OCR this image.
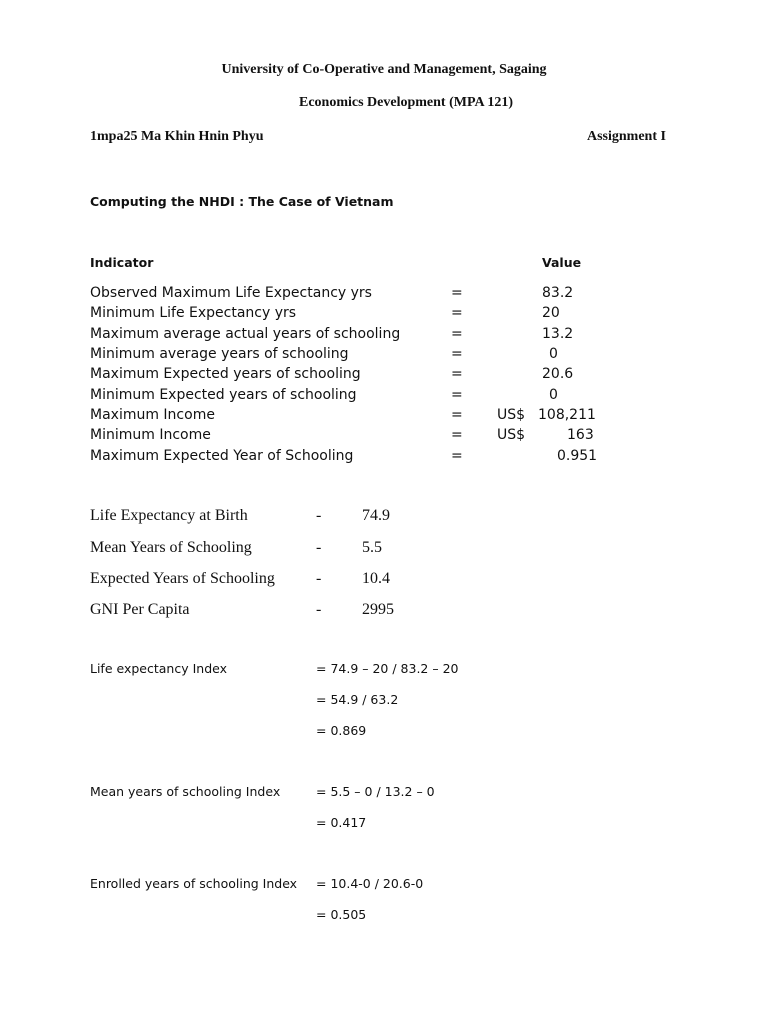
University of Co-Operative and Management, Sagaing
Economics Development (MPA 121)
1mpa25 Ma Khin Hnin Phyu	Assignment I
Computing the NHDI : The Case of Vietnam
Indicator	Value
Observed Maximum Life Expectancy yrs	=	83.2
Minimum Life Expectancy yrs	=	20
Maximum average actual years of schooling	=	13.2
Minimum average years of schooling	=	0
Maximum Expected years of schooling	=	20.6
Minimum Expected years of schooling	=	0
Maximum Income	= US$ 108,211
Minimum Income	= US$	163
Maximum Expected Year of Schooling	=	0.951
Life Expectancy at Birth	-	74.9
Mean Years of Schooling	-	5.5
Expected Years of Schooling	-	10.4
GNI Per Capita	-	2995
Life expectancy Index	= 74.9 – 20 / 83.2 – 20
= 54.9 / 63.2
= 0.869
Mean years of schooling Index	= 5.5 – 0 / 13.2 – 0
= 0.417
Enrolled years of schooling Index = 10.4-0 / 20.6-0
= 0.505
